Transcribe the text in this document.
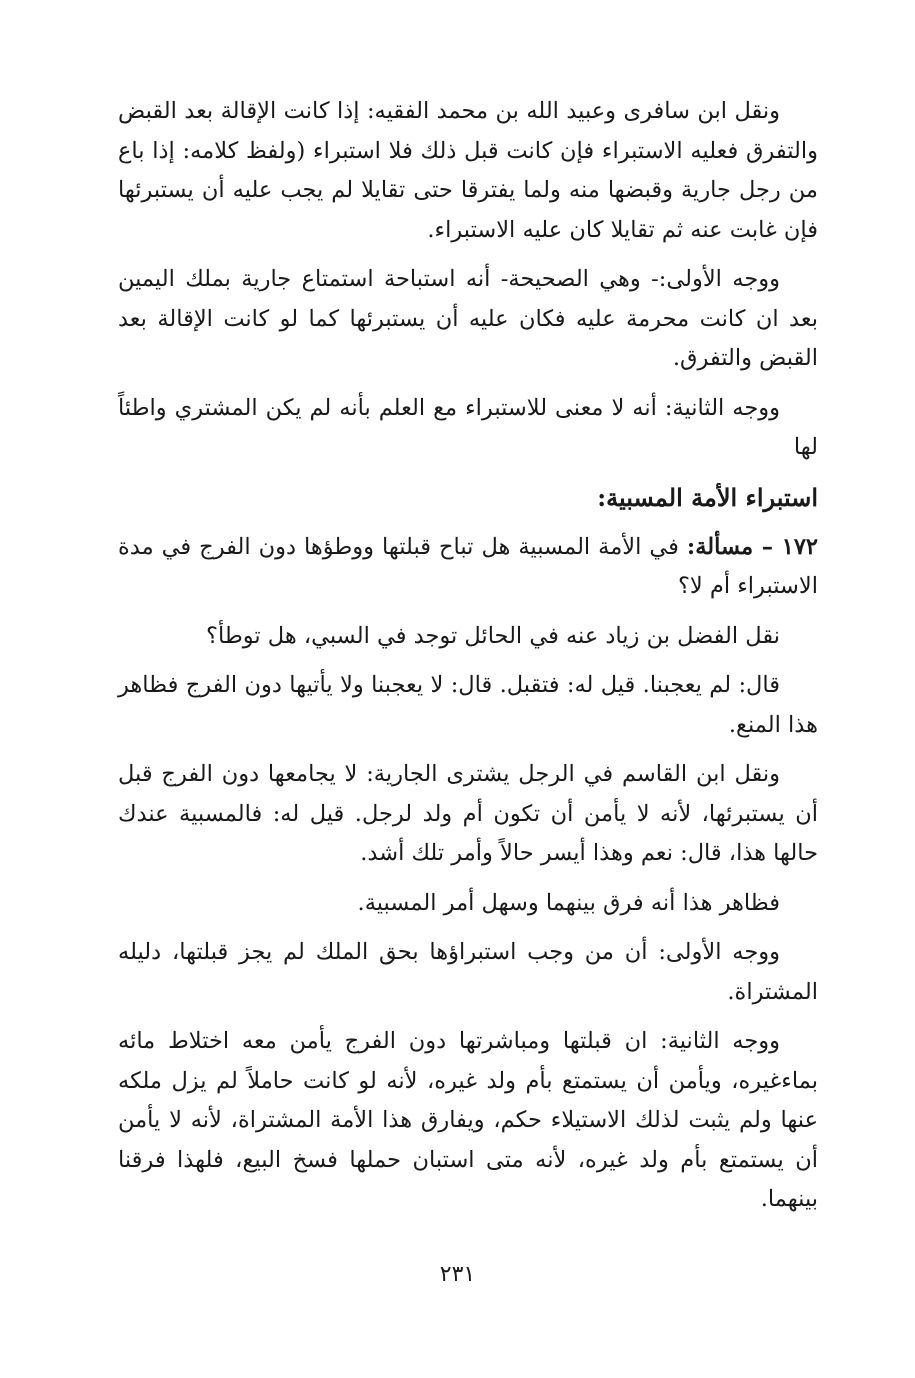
ونقل ابن سافرى وعبيد الله بن محمد الفقيه: إذا كانت الإقالة بعد القبض والتفرق فعليه الاستبراء فإن كانت قبل ذلك فلا استبراء (ولفظ كلامه: إذا باع من رجل جارية وقبضها منه ولما يفترقا حتى تقايلا لم يجب عليه أن يستبرئها فإن غابت عنه ثم تقايلا كان عليه الاستبراء.

ووجه الأولى:- وهي الصحيحة- أنه استباحة استمتاع جارية بملك اليمين بعد ان كانت محرمة عليه فكان عليه أن يستبرئها كما لو كانت الإقالة بعد القبض والتفرق.

ووجه الثانية: أنه لا معنى للاستبراء مع العلم بأنه لم يكن المشتري واطئاً لها

استبراء الأمة المسبية:

١٧٢ – مسألة: في الأمة المسبية هل تباح قبلتها ووطؤها دون الفرج في مدة الاستبراء أم لا؟

نقل الفضل بن زياد عنه في الحائل توجد في السبي، هل توطأ؟

قال: لم يعجبنا. قيل له: فتقبل. قال: لا يعجبنا ولا يأتيها دون الفرج فظاهر هذا المنع.

ونقل ابن القاسم في الرجل يشترى الجارية: لا يجامعها دون الفرج قبل أن يستبرئها، لأنه لا يأمن أن تكون أم ولد لرجل. قيل له: فالمسبية عندك حالها هذا، قال: نعم وهذا أيسر حالاً وأمر تلك أشد.

فظاهر هذا أنه فرق بينهما وسهل أمر المسبية.

ووجه الأولى: أن من وجب استبراؤها بحق الملك لم يجز قبلتها، دليله المشتراة.

ووجه الثانية: ان قبلتها ومباشرتها دون الفرج يأمن معه اختلاط مائه بماءغيره، ويأمن أن يستمتع بأم ولد غيره، لأنه لو كانت حاملاً لم يزل ملكه عنها ولم يثبت لذلك الاستيلاء حكم، ويفارق هذا الأمة المشتراة، لأنه لا يأمن أن يستمتع بأم ولد غيره، لأنه متى استبان حملها فسخ البيع، فلهذا فرقنا بينهما.

٢٣١
